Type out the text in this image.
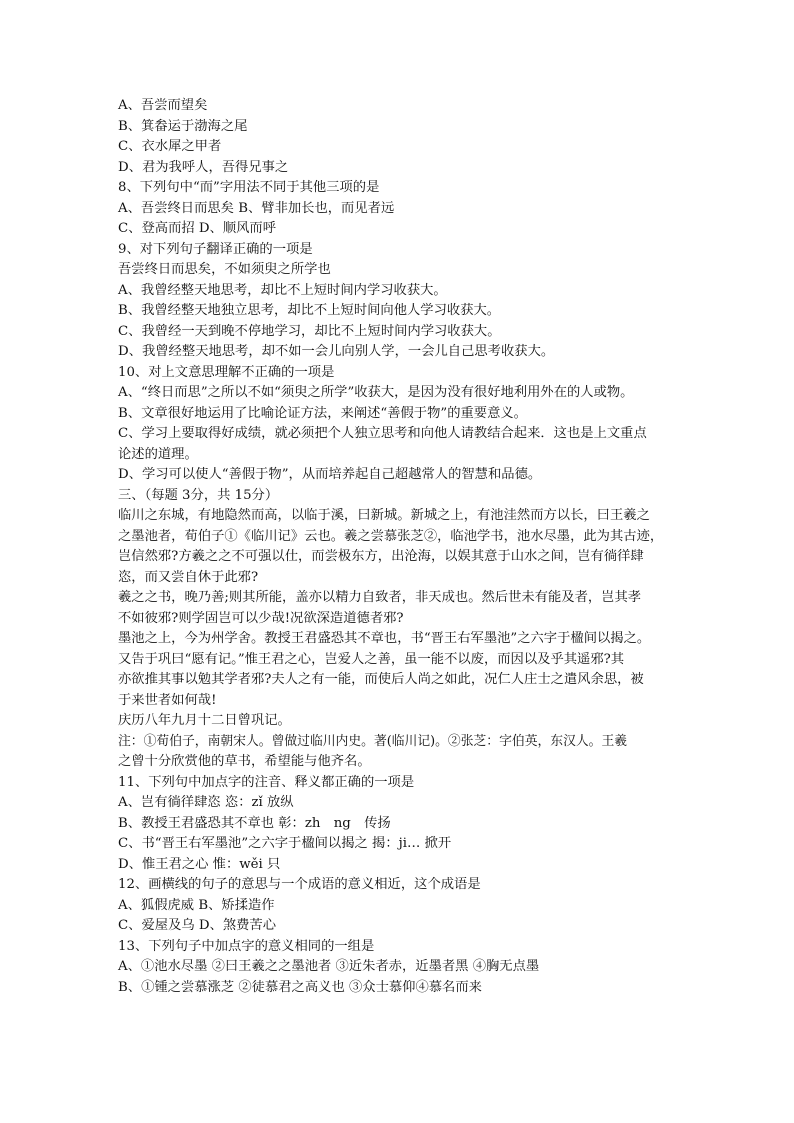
A、吾尝而望矣

B、箕畚运于渤海之尾

C、衣水犀之甲者

D、君为我呼人，吾得兄事之

8、下列句中“而”字用法不同于其他三项的是

A、吾尝终日而思矣 B、臂非加长也，而见者远

C、登高而招 D、顺风而呼

9、对下列句子翻译正确的一项是

吾尝终日而思矣，不如须臾之所学也

A、我曾经整天地思考，却比不上短时间内学习收获大。

B、我曾经整天地独立思考，却比不上短时间向他人学习收获大。

C、我曾经一天到晚不停地学习，却比不上短时间内学习收获大。

D、我曾经整天地思考，却不如一会儿向别人学，一会儿自己思考收获大。

10、对上文意思理解不正确的一项是

A、“终日而思”之所以不如“须臾之所学”收获大，是因为没有很好地利用外在的人或物。

B、文章很好地运用了比喻论证方法，来阐述“善假于物”的重要意义。

C、学习上要取得好成绩，就必须把个人独立思考和向他人请教结合起来．这也是上文重点

论述的道理。

D、学习可以使人“善假于物”，从而培养起自己超越常人的智慧和品德。

三、（每题 3分，共 15分）

临川之东城，有地隐然而高，以临于溪，曰新城。新城之上，有池洼然而方以长，曰王羲之

之墨池者，荀伯子①《临川记》云也。羲之尝慕张芝②，临池学书，池水尽墨，此为其古迹，

岂信然邪?方羲之之不可强以仕，而尝极东方，出沧海，以娱其意于山水之间，岂有徜徉肆

恣，而又尝自休于此邪?

羲之之书，晚乃善;则其所能，盖亦以精力自致者，非天成也。然后世未有能及者，岂其孝

不如彼邪?则学固岂可以少哉!况欲深造道德者邪?

墨池之上，今为州学舍。教授王君盛恐其不章也，书“晋王右军墨池”之六字于楹间以揭之。

又告于巩曰“愿有记。”惟王君之心，岂爱人之善，虽一能不以废，而因以及乎其遥邪?其

亦欲推其事以勉其学者邪?夫人之有一能，而使后人尚之如此，况仁人庄士之遣风余思，被

于来世者如何哉!

庆历八年九月十二日曾巩记。

注：①荀伯子，南朝宋人。曾做过临川内史。著(临川记)。②张芝：字伯英，东汉人。王羲

之曾十分欣赏他的草书，希望能与他齐名。

11、下列句中加点字的注音、释义都正确的一项是

A、岂有徜徉肆恣 恣：zǐ 放纵

B、教授王君盛恐其不章也 彰：zh　ng　传扬

C、书“晋王右军墨池”之六字于楹间以揭之 揭：ji… 掀开

D、惟王君之心 惟：wěi 只

12、画横线的句子的意思与一个成语的意义相近，这个成语是

A、狐假虎威 B、矫揉造作

C、爱屋及乌 D、煞费苦心

13、下列句子中加点字的意义相同的一组是

A、①池水尽墨 ②曰王羲之之墨池者 ③近朱者赤，近墨者黑 ④胸无点墨

B、①锺之尝慕涨芝 ②徒慕君之高义也 ③众士慕仰④慕名而来
